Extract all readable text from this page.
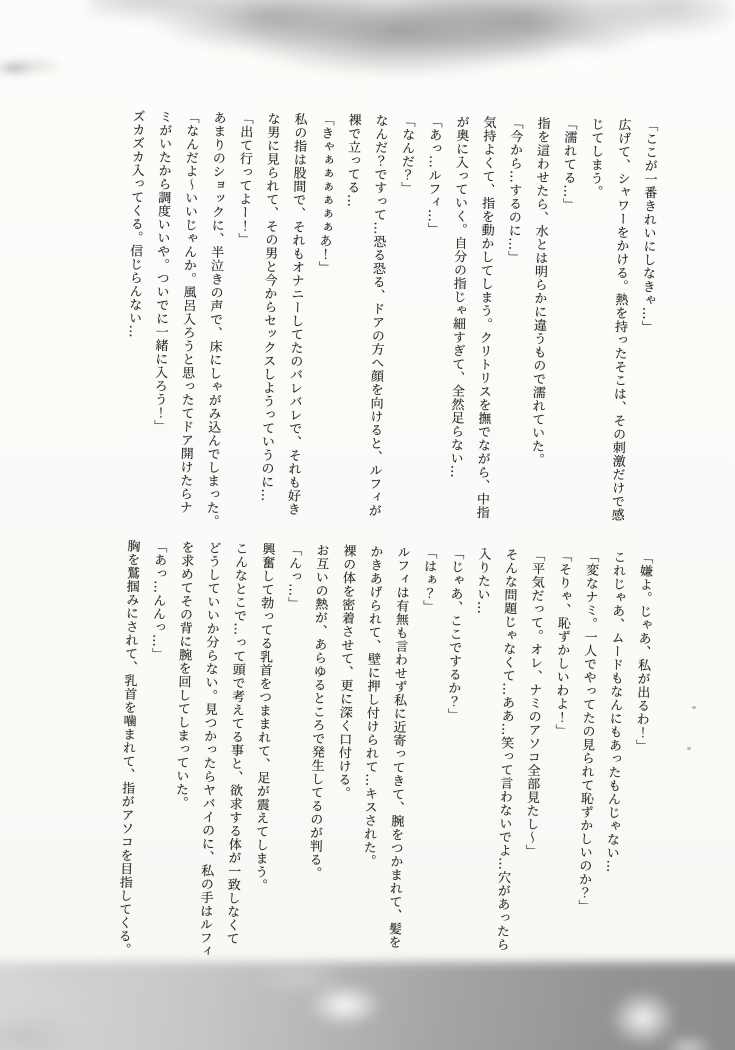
「ここが一番きれいにしなきゃ…」

広げて、シャワーをかける。熱を持ったそこは、その刺激だけで感

じてしまう。

「濡れてる…」

指を這わせたら、水とは明らかに違うもので濡れていた。

「今から…するのに…」

気持よくて、指を動かしてしまう。クリトリスを撫でながら、中指

が奥に入っていく。自分の指じゃ細すぎて、全然足らない…

「あっ…ルフィ…」

「なんだ？」

なんだ？ですって…恐る恐る、ドアの方へ顔を向けると、ルフィが

裸で立ってる…

「きゃぁぁぁぁぁぁあ！」

私の指は股間で、それもオナニーしてたのバレバレで、それも好き

な男に見られて、その男と今からセックスしようっていうのに…

「出て行ってよー！」

あまりのショックに、半泣きの声で、床にしゃがみ込んでしまった。

「なんだよ〜いいじゃんか。風呂入ろうと思ったてドア開けたらナ

ミがいたから調度いいや。ついでに一緒に入ろう！」

ズカズカ入ってくる。信じらんない…

「嫌よ。じゃあ、私が出るわ！」

これじゃあ、ムードもなんにもあったもんじゃない…

「変なナミ。一人でやってたの見られて恥ずかしいのか？」

「そりゃ、恥ずかしいわよ！」

「平気だって。オレ、ナミのアソコ全部見たし〜」

そんな問題じゃなくて…ああ…笑って言わないでよ…穴があったら

入りたい…

「じゃあ、ここでするか？」

「はぁ？」

ルフィは有無も言わせず私に近寄ってきて、腕をつかまれて、髪を

かきあげられて、壁に押し付けられて…キスされた。

裸の体を密着させて、更に深く口付ける。

お互いの熱が、あらゆるところで発生してるのが判る。

「んっ…」

興奮して勃ってる乳首をつままれて、足が震えてしまう。

こんなとこで…って頭で考えてる事と、欲求する体が一致しなくて

どうしていいか分らない。見つかったらヤバイのに、私の手はルフィ

を求めてその背に腕を回してしまっていた。

「あっ…んんっ…」

胸を鷲掴みにされて、乳首を噛まれて、指がアソコを目指してくる。
